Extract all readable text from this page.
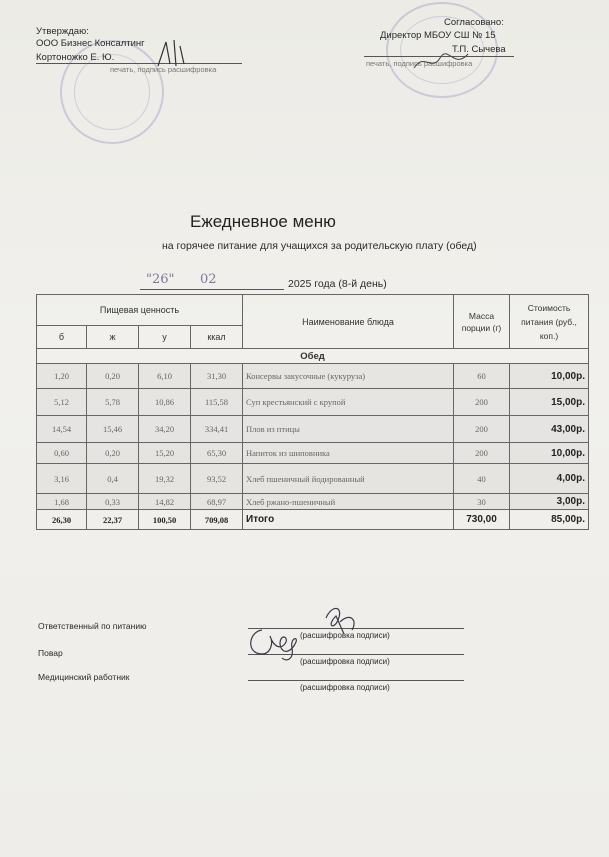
Утверждаю:
ООО Бизнес Консалтинг
Кортоножко Е. Ю.
печать, подпись расшифровка
Согласовано:
Директор МБОУ СШ № 15
Т.П. Сычева
печать, подпись расшифровка
Ежедневное меню
на горячее питание для учащихся за родительскую плату (обед)
"26" 02	2025 года (8-й день)
Пищевая ценность				Наименование блюда	Масса порции (г)	Стоимость питания (руб., коп.)
б	ж	у	ккал			
Обед						
1,20	0,20	6,10	31,30	Консервы закусочные (кукуруза)	60	10,00р.
5,12	5,78	10,86	115,58	Суп крестьянский с крупой	200	15,00р.
14,54	15,46	34,20	334,41	Плов из птицы	200	43,00р.
0,60	0,20	15,20	65,30	Напиток из шиповника	200	10,00р.
3,16	0,4	19,32	93,52	Хлеб пшеничный йодированный	40	4,00р.
1,68	0,33	14,82	68,97	Хлеб ржано-пшеничный	30	3,00р.
26,30	22,37	100,50	709,08	Итого	730,00	85,00р.
Ответственный по питанию
(расшифровка подписи)
Повар
(расшифровка подписи)
Медицинский работник
(расшифровка подписи)
